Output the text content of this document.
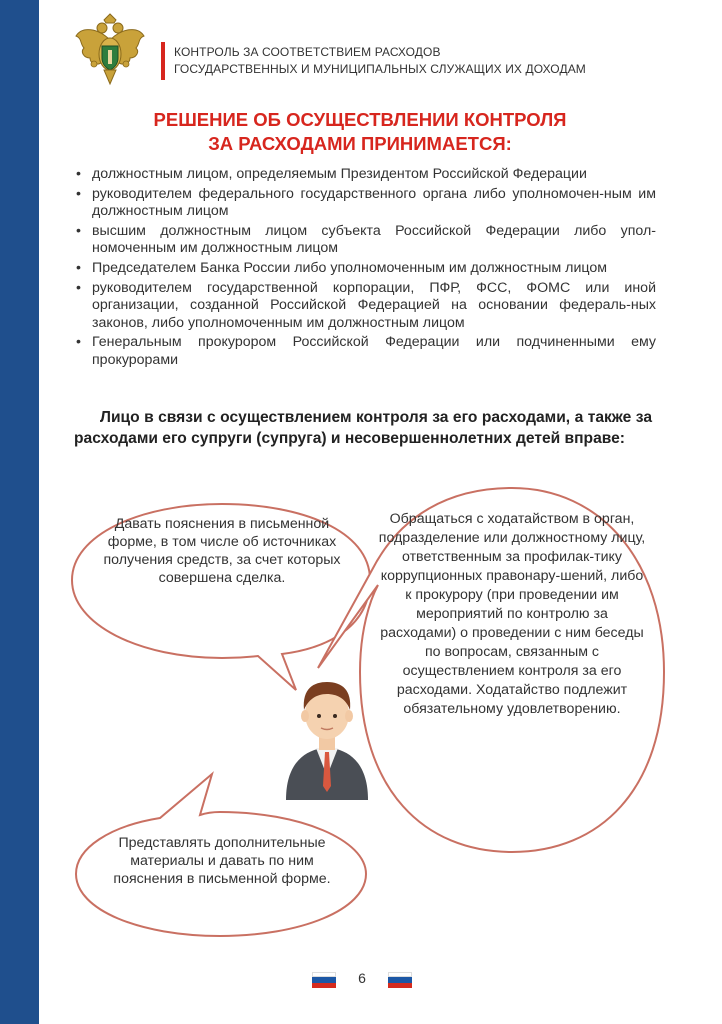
КОНТРОЛЬ ЗА СООТВЕТСТВИЕМ РАСХОДОВ
ГОСУДАРСТВЕННЫХ И МУНИЦИПАЛЬНЫХ СЛУЖАЩИХ ИХ ДОХОДАМ
РЕШЕНИЕ ОБ ОСУЩЕСТВЛЕНИИ КОНТРОЛЯ
ЗА РАСХОДАМИ ПРИНИМАЕТСЯ:
• должностным лицом, определяемым Президентом Российской Федерации
• руководителем федерального государственного органа либо уполномочен-ным им должностным лицом
• высшим должностным лицом субъекта Российской Федерации либо упол-номоченным им должностным лицом
• Председателем Банка России либо уполномоченным им должностным лицом
• руководителем государственной корпорации, ПФР, ФСС, ФОМС или иной организации, созданной Российской Федерацией на основании федераль-ных законов, либо уполномоченным им должностным лицом
• Генеральным прокурором Российской Федерации или подчиненными ему прокурорами
Лицо в связи с осуществлением контроля за его расходами, а также за расходами его супруги (супруга) и несовершеннолетних детей вправе:
Давать пояснения в письменной форме, в том числе об источниках получения средств, за счет которых совершена сделка.
Обращаться с ходатайством в орган, подразделение или должностному лицу, ответственным за профилак-тику коррупционных правонару-шений, либо к прокурору (при проведении им мероприятий по контролю за расходами) о проведении с ним беседы по вопросам, связанным с осуществлением контроля за его расходами. Ходатайство подлежит обязательному удовлетворению.
Представлять дополнительные материалы и давать по ним пояснения в письменной форме.
6
